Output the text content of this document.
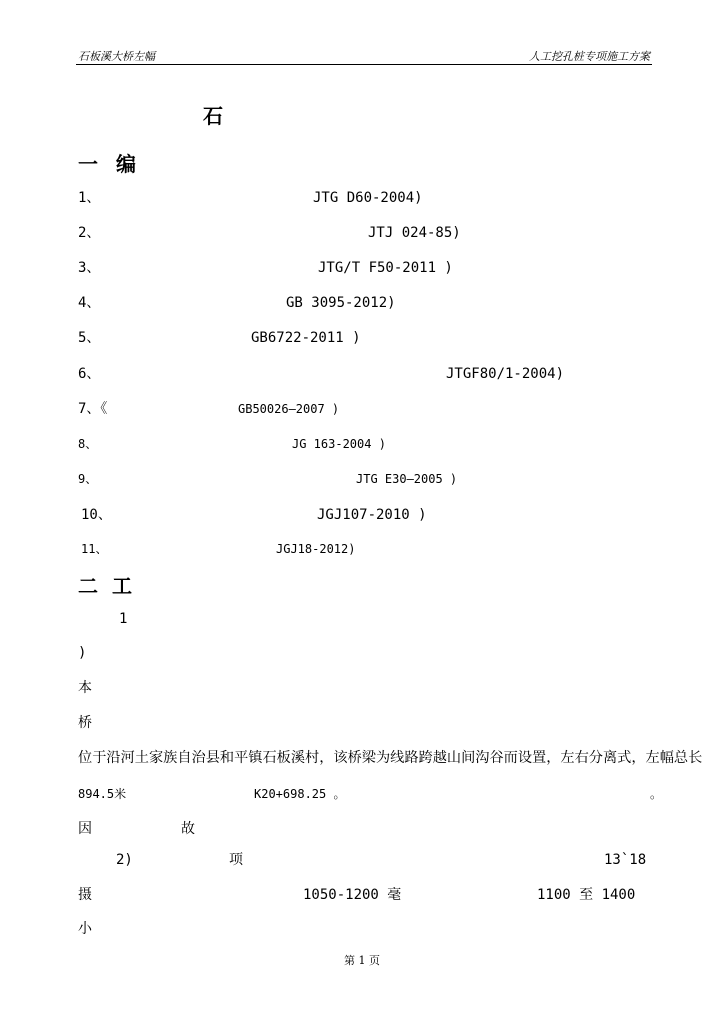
石板溪大桥左幅	人工挖孔桩专项施工方案
石
一 编
1、	JTG D60-2004)
2、	JTJ 024-85)
3、	JTG/T F50-2011 )
4、	GB 3095-2012)
5、	GB6722-2011 )
6、	JTGF80/1-2004)
7、《	GB50026—2007 )
8、	JG 163-2004 )
9、	JTG E30—2005 )
10、	JGJ107-2010 )
11、	JGJ18-2012)
二 工
1
)
本
桥
位于沿河土家族自治县和平镇石板溪村，该桥梁为线路跨越山间沟谷而设置，左右分离式，左幅总长
894.5米	K20+698.25 。	。
因	故
2)	项	13`18
摄	1050-1200 毫	1100 至 1400
小
第 1 页
